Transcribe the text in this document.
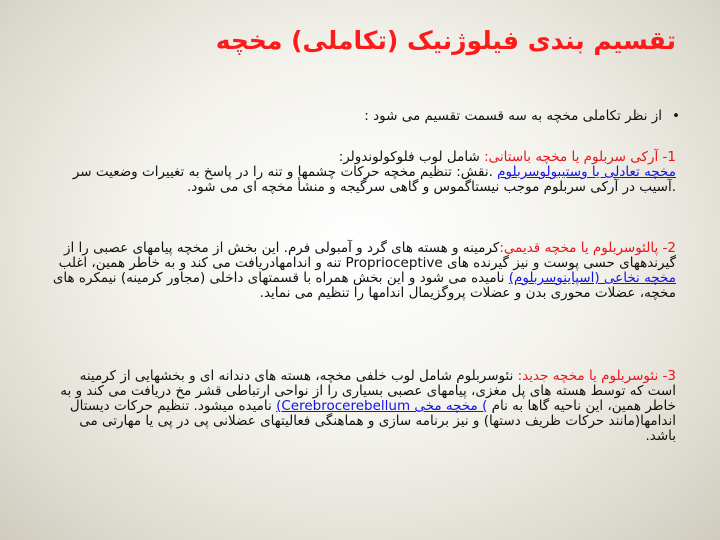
تقسیم بندی فیلوژنیک (تکاملی) مخچه
•از نظر تکاملی مخچه به سه قسمت تقسیم می شود :
1- آرکی سربلوم یا مخچه باستانی: شامل لوب فلوکولوندولر:
مخچه تعادلی یا وستیبولوسربلوم .نقش: تنظیم مخچه حرکات چشمها و تنه را در پاسخ به تغییرات وضعیت سر .آسیب در آرکی سربلوم موجب نیستاگموس و گاهی سرگیجه و منشأ مخچه ای می شود.
2- پالئوسربلوم یا مخچه قدیمی:کرمینه و هسته های گرد و آمبولی فرم. این بخش از مخچه پیامهای عصبی را از گیرندههای حسی پوست و نیز گیرنده های Proprioceptive تنه و اندامهادریافت می کند و به خاطر همین، اغلب مخچه نخاعی (اسپاینوسربلوم) نامیده می شود و این بخش همراه با قسمتهای داخلی (مجاور کرمینه) نیمکره های مخچه، عضلات محوری بدن و عضلات پروگزیمال اندامها را تنظیم می نماید.
3- نئوسربلوم یا مخچه جدید: نئوسربلوم شامل لوب خلفی مخچه، هسته های دندانه ای و بخشهایی از کرمینه
است که توسط هسته های پل مغزی، پیامهای عصبی بسیاری را از نواحی ارتباطی قشر مخ دریافت می کند و به خاطر همین، این ناحیه گاها به نام ) مخچه مخی Cerebrocerebellum) نامیده میشود. تنظیم حرکات دیستال اندامها(مانند حرکات ظریف دستها) و نیز برنامه سازی و هماهنگی فعالیتهای عضلانی پی در پی یا مهارتی می باشد.
